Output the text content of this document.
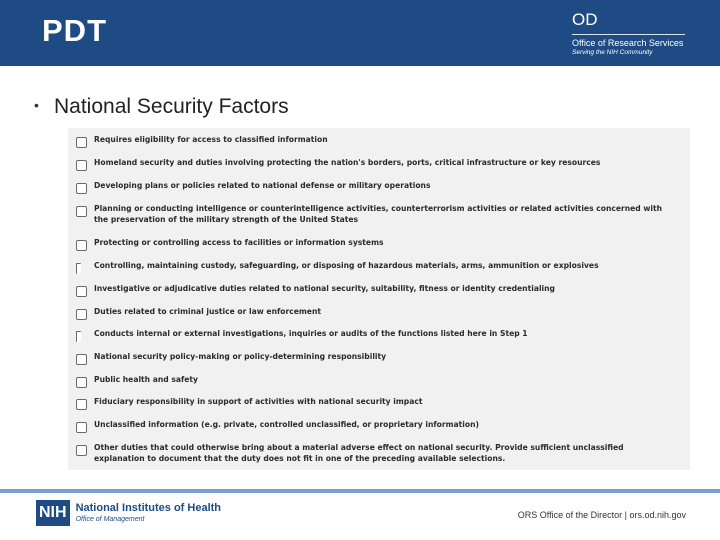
PDT	OD
Office of Research Services
Serving the NIH Community
• National Security Factors
Requires eligibility for access to classified information
Homeland security and duties involving protecting the nation's borders, ports, critical infrastructure or key resources
Developing plans or policies related to national defense or military operations
Planning or conducting intelligence or counterintelligence activities, counterterrorism activities or related activities concerned with the preservation of the military strength of the United States
Protecting or controlling access to facilities or information systems
Controlling, maintaining custody, safeguarding, or disposing of hazardous materials, arms, ammunition or explosives
Investigative or adjudicative duties related to national security, suitability, fitness or identity credentialing
Duties related to criminal justice or law enforcement
Conducts internal or external investigations, inquiries or audits of the functions listed here in Step 1
National security policy-making or policy-determining responsibility
Public health and safety
Fiduciary responsibility in support of activities with national security impact
Unclassified information (e.g. private, controlled unclassified, or proprietary information)
Other duties that could otherwise bring about a material adverse effect on national security. Provide sufficient unclassified explanation to document that the duty does not fit in one of the preceding available selections.
NIH National Institutes of Health
Office of Management	ORS Office of the Director | ors.od.nih.gov
